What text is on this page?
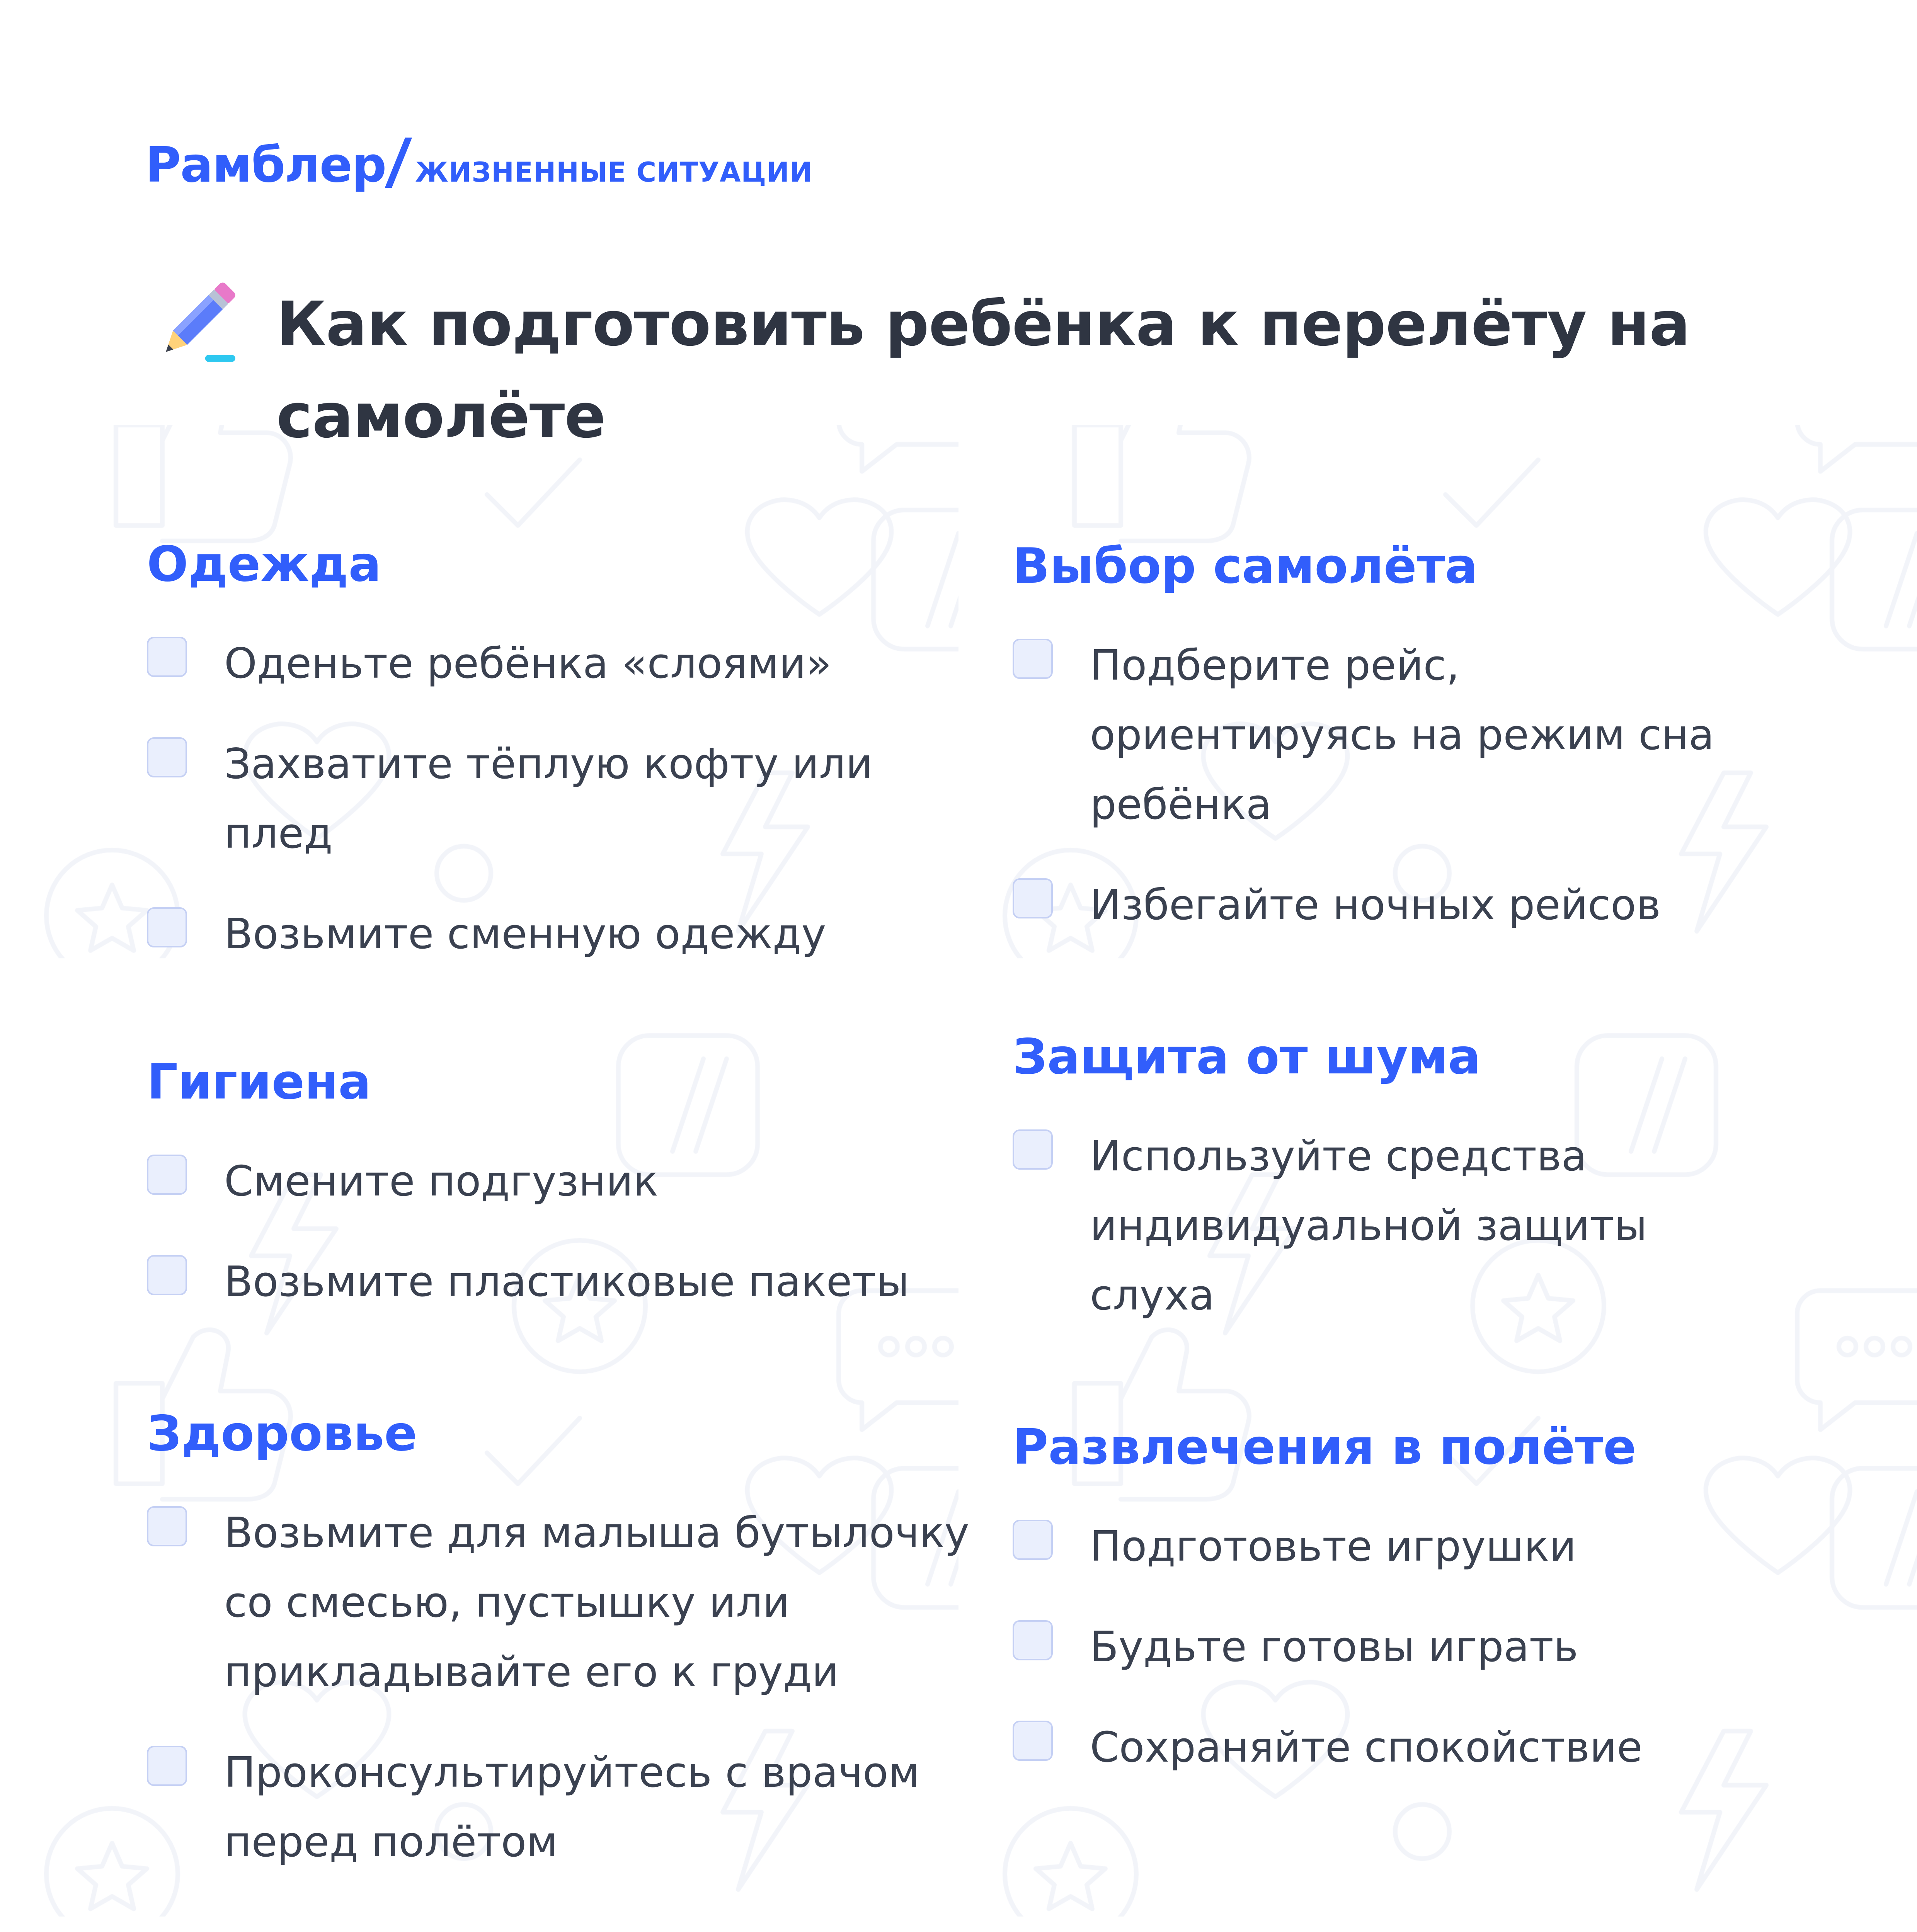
Рамблер ЖИЗНЕННЫЕ СИТУАЦИИ
Как подготовить ребёнка к перелёту на самолёте
Одежда
Оденьте ребёнка «слоями»
Захватите тёплую кофту или плед
Возьмите сменную одежду
Гигиена
Смените подгузник
Возьмите пластиковые пакеты
Здоровье
Возьмите для малыша бутылочку со смесью, пустышку или прикладывайте его к груди
Проконсультируйтесь с врачом перед полётом
Выбор самолёта
Подберите рейс, ориентируясь на режим сна ребёнка
Избегайте ночных рейсов
Защита от шума
Используйте средства индивидуальной защиты слуха
Развлечения в полёте
Подготовьте игрушки
Будьте готовы играть
Сохраняйте спокойствие
